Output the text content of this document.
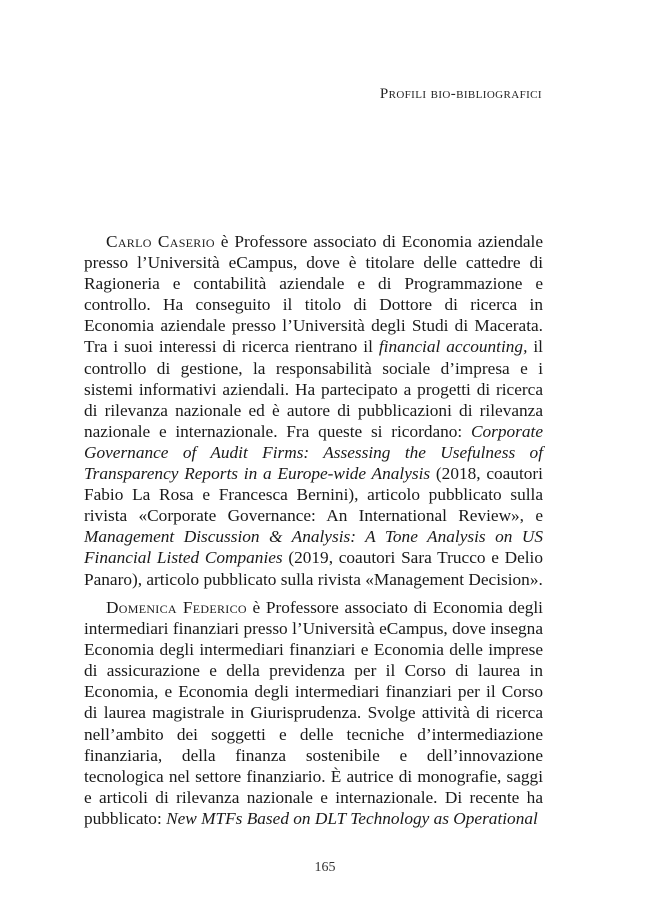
Profili bio-bibliografici

Carlo Caserio è Professore associato di Economia aziendale presso l’Università eCampus, dove è titolare delle cattedre di Ragioneria e contabilità aziendale e di Programmazione e controllo. Ha conseguito il titolo di Dottore di ricerca in Economia aziendale presso l’Università degli Studi di Macerata. Tra i suoi interessi di ricerca rientrano il financial accounting, il controllo di gestione, la responsabilità sociale d’impresa e i sistemi informativi aziendali. Ha partecipato a progetti di ricerca di rilevanza nazionale ed è autore di pubblicazioni di rilevanza nazionale e internazionale. Fra queste si ricordano: Corporate Governance of Audit Firms: Assessing the Usefulness of Transparency Reports in a Europe-wide Analysis (2018, coautori Fabio La Rosa e Francesca Bernini), articolo pubblicato sulla rivista «Corporate Governance: An International Review», e Management Discussion & Analysis: A Tone Analysis on US Financial Listed Companies (2019, coautori Sara Trucco e Delio Panaro), articolo pubblicato sulla rivista «Management Decision».

Domenica Federico è Professore associato di Economia degli intermediari finanziari presso l’Università eCampus, dove insegna Economia degli intermediari finanziari e Economia delle imprese di assicurazione e della previdenza per il Corso di laurea in Economia, e Economia degli intermediari finanziari per il Corso di laurea magistrale in Giurisprudenza. Svolge attività di ricerca nell’ambito dei soggetti e delle tecniche d’intermediazione finanziaria, della finanza sostenibile e dell’innovazione tecnologica nel settore finanziario. È autrice di monografie, saggi e articoli di rilevanza nazionale e internazionale. Di recente ha pubblicato: New MTFs Based on DLT Technology as Operational

165
